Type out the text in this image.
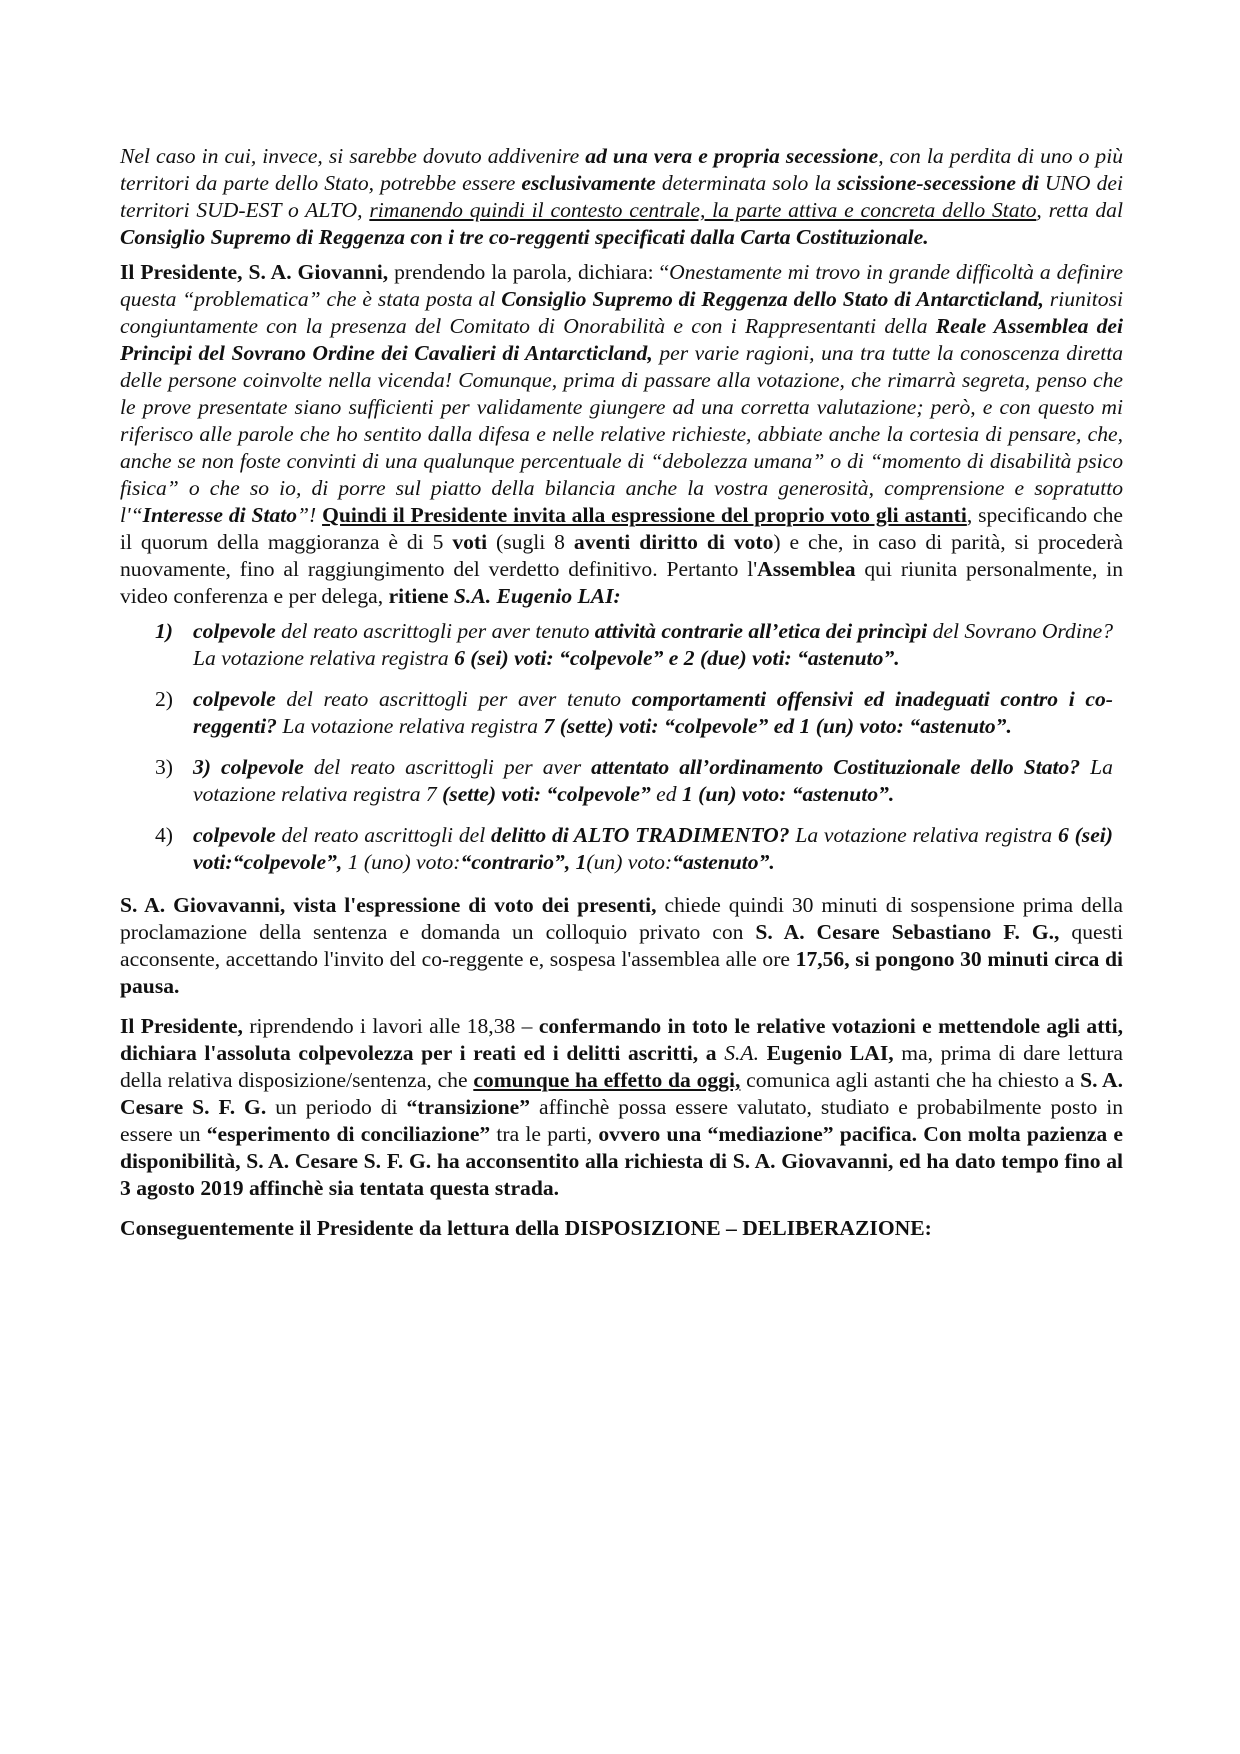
Nel caso in cui, invece, si sarebbe dovuto addivenire ad una vera e propria secessione, con la perdita di uno o più territori da parte dello Stato, potrebbe essere esclusivamente determinata solo la scissione-secessione di UNO dei territori SUD-EST o ALTO, rimanendo quindi il contesto centrale, la parte attiva e concreta dello Stato, retta dal Consiglio Supremo di Reggenza con i tre co-reggenti specificati dalla Carta Costituzionale.

Il Presidente, S. A. Giovanni, prendendo la parola, dichiara: “Onestamente mi trovo in grande difficoltà a definire questa “problematica” che è stata posta al Consiglio Supremo di Reggenza dello Stato di Antarcticland, riunitosi congiuntamente con la presenza del Comitato di Onorabilità e con i Rappresentanti della Reale Assemblea dei Principi del Sovrano Ordine dei Cavalieri di Antarcticland, per varie ragioni, una tra tutte la conoscenza diretta delle persone coinvolte nella vicenda! Comunque, prima di passare alla votazione, che rimarrà segreta, penso che le prove presentate siano sufficienti per validamente giungere ad una corretta valutazione; però, e con questo mi riferisco alle parole che ho sentito dalla difesa e nelle relative richieste, abbiate anche la cortesia di pensare, che, anche se non foste convinti di una qualunque percentuale di “debolezza umana” o di “momento di disabilità psico fisica” o che so io, di porre sul piatto della bilancia anche la vostra generosità, comprensione e sopratutto l'“Interesse di Stato”! Quindi il Presidente invita alla espressione del proprio voto gli astanti, specificando che il quorum della maggioranza è di 5 voti (sugli 8 aventi diritto di voto) e che, in caso di parità, si procederà nuovamente, fino al raggiungimento del verdetto definitivo. Pertanto l'Assemblea qui riunita personalmente, in video conferenza e per delega, ritiene S.A. Eugenio LAI:

1) colpevole del reato ascrittogli per aver tenuto attività contrarie all’etica dei princìpi del Sovrano Ordine? La votazione relativa registra 6 (sei) voti: “colpevole” e 2 (due) voti: “astenuto”.
2) colpevole del reato ascrittogli per aver tenuto comportamenti offensivi ed inadeguati contro i co-reggenti? La votazione relativa registra 7 (sette) voti: “colpevole” ed 1 (un) voto: “astenuto”.
3) 3) colpevole del reato ascrittogli per aver attentato all’ordinamento Costituzionale dello Stato? La votazione relativa registra 7 (sette) voti: “colpevole” ed 1 (un) voto: “astenuto”.
4) colpevole del reato ascrittogli del delitto di ALTO TRADIMENTO? La votazione relativa registra 6 (sei) voti:“colpevole”, 1 (uno) voto:“contrario”, 1(un) voto:“astenuto”.

S. A. Giovavanni, vista l'espressione di voto dei presenti, chiede quindi 30 minuti di sospensione prima della proclamazione della sentenza e domanda un colloquio privato con S. A. Cesare Sebastiano F. G., questi acconsente, accettando l'invito del co-reggente e, sospesa l'assemblea alle ore 17,56, si pongono 30 minuti circa di pausa.

Il Presidente, riprendendo i lavori alle 18,38 – confermando in toto le relative votazioni e mettendole agli atti, dichiara l'assoluta colpevolezza per i reati ed i delitti ascritti, a S.A. Eugenio LAI, ma, prima di dare lettura della relativa disposizione/sentenza, che comunque ha effetto da oggi, comunica agli astanti che ha chiesto a S. A. Cesare S. F. G. un periodo di “transizione” affinchè possa essere valutato, studiato e probabilmente posto in essere un “esperimento di conciliazione” tra le parti, ovvero una “mediazione” pacifica. Con molta pazienza e disponibilità, S. A. Cesare S. F. G. ha acconsentito alla richiesta di S. A. Giovavanni, ed ha dato tempo fino al 3 agosto 2019 affinchè sia tentata questa strada.

Conseguentemente il Presidente da lettura della DISPOSIZIONE – DELIBERAZIONE:
